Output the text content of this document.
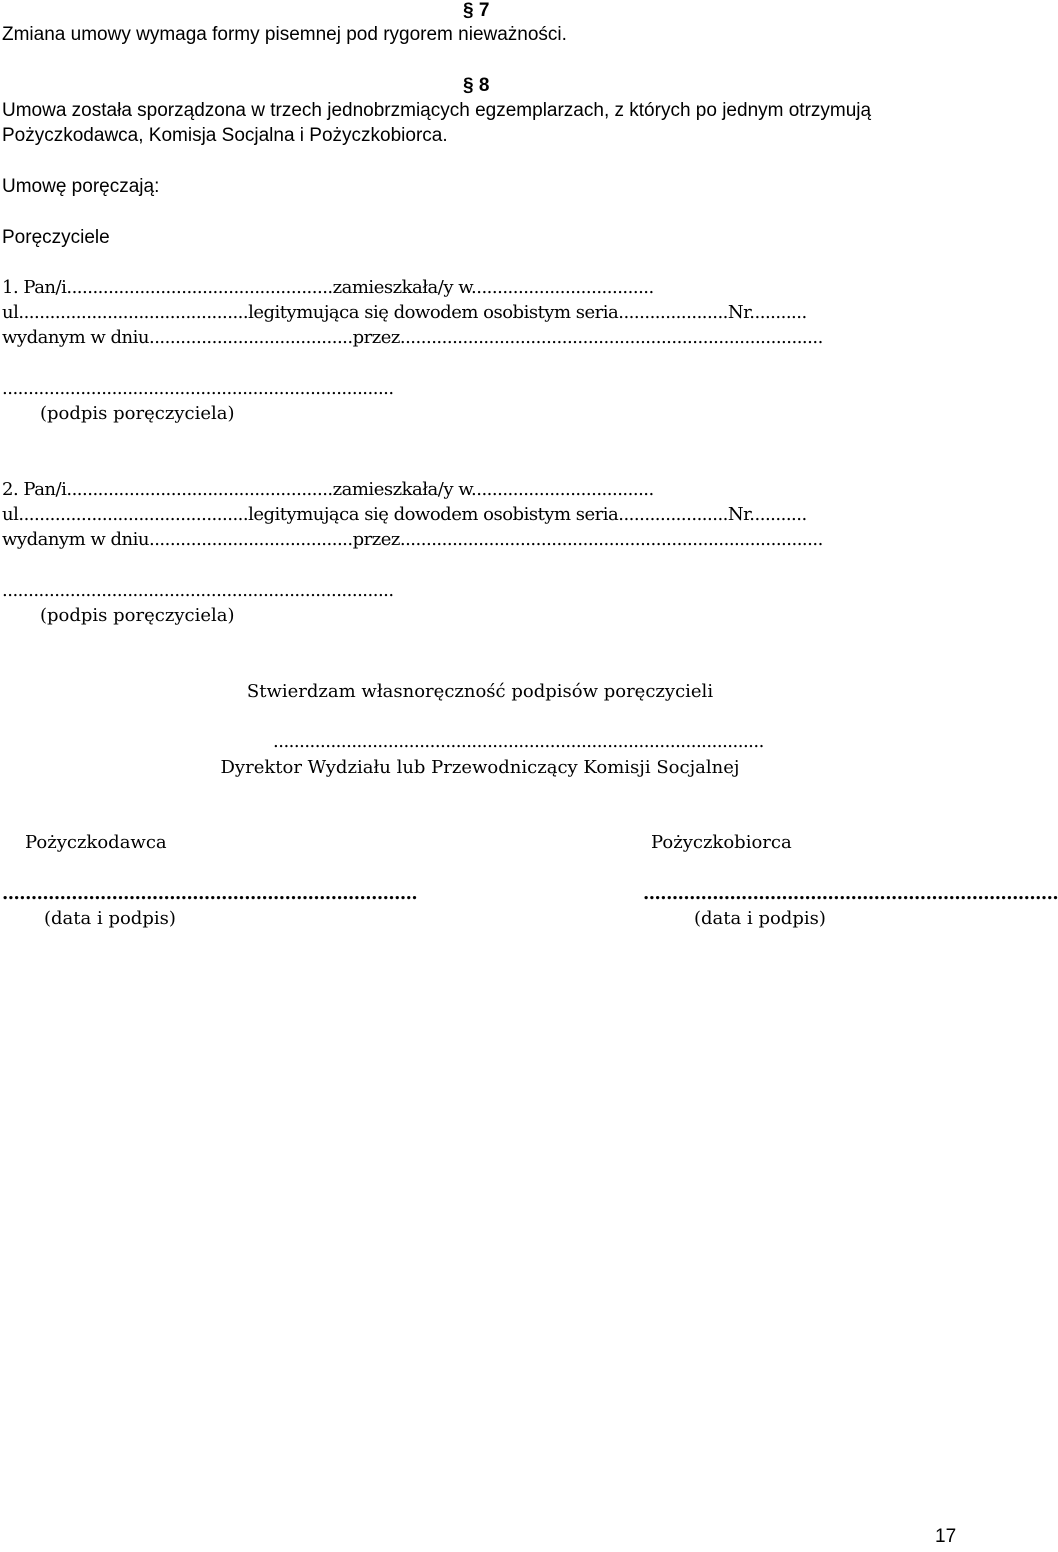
§ 7
Zmiana umowy wymaga formy pisemnej pod rygorem nieważności.
§ 8
Umowa została sporządzona w trzech jednobrzmiących egzemplarzach, z których po jednym otrzymują
Pożyczkodawca, Komisja Socjalna i Pożyczkobiorca.
Umowę poręczają:
Poręczyciele
1. Pan/i...................................................zamieszkała/y w...................................
ul............................................legitymująca się dowodem osobistym seria.....................Nr...........
wydanym w dniu.......................................przez.................................................................................
...........................................................................
(podpis poręczyciela)
2. Pan/i...................................................zamieszkała/y w...................................
ul............................................legitymująca się dowodem osobistym seria.....................Nr...........
wydanym w dniu.......................................przez.................................................................................
...........................................................................
(podpis poręczyciela)
Stwierdzam własnoręczność podpisów poręczycieli
..............................................................................................
Dyrektor Wydziału lub Przewodniczący Komisji Socjalnej
Pożyczkodawca	Pożyczkobiorca
........................................................................	........................................................................
(data i podpis)	(data i podpis)
17
